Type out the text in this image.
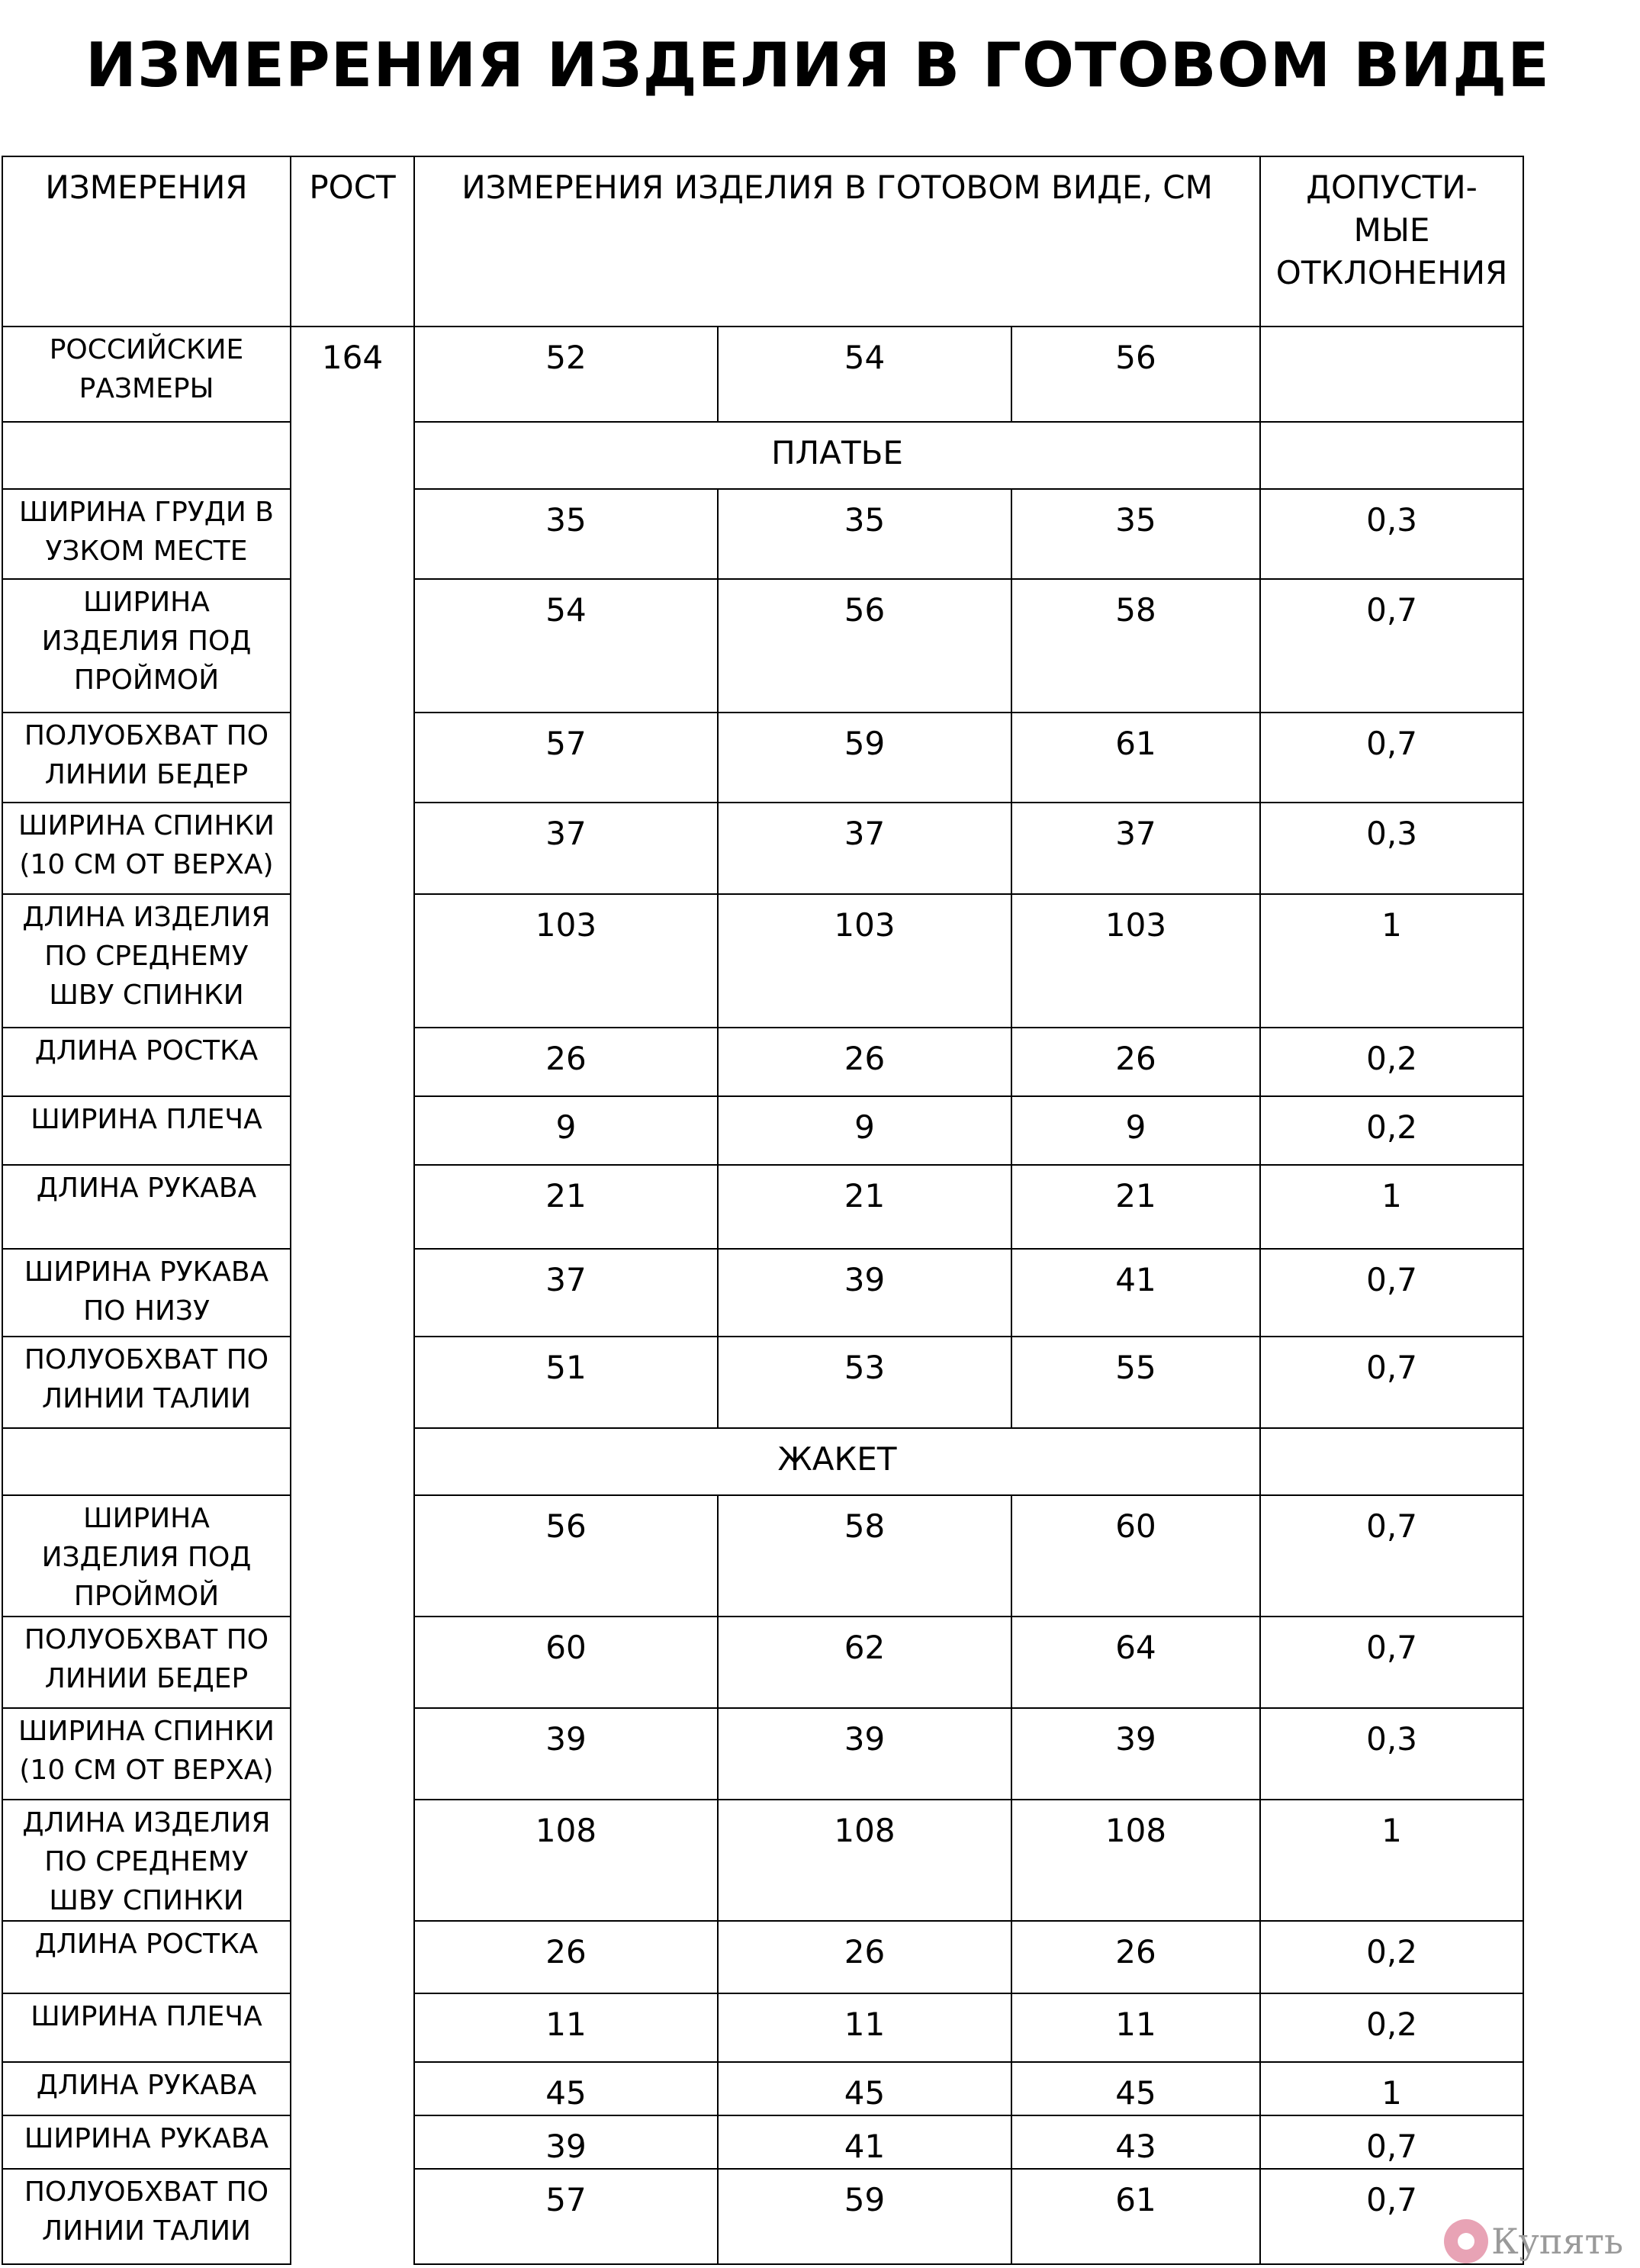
ИЗМЕРЕНИЯ ИЗДЕЛИЯ В ГОТОВОМ ВИДЕ
ИЗМЕРЕНИЯ	РОСТ	ИЗМЕРЕНИЯ ИЗДЕЛИЯ В ГОТОВОМ ВИДЕ, СМ			ДОПУСТИ-
МЫЕ
ОТКЛОНЕНИЯ
РОССИЙСКИЕ
РАЗМЕРЫ	164	52	54	56	
		ПЛАТЬЕ			
ШИРИНА ГРУДИ В
УЗКОМ МЕСТЕ		35	35	35	0,3
ШИРИНА
ИЗДЕЛИЯ ПОД
ПРОЙМОЙ		54	56	58	0,7
ПОЛУОБХВАТ ПО
ЛИНИИ БЕДЕР		57	59	61	0,7
ШИРИНА СПИНКИ
(10 СМ ОТ ВЕРХА)		37	37	37	0,3
ДЛИНА ИЗДЕЛИЯ
ПО СРЕДНЕМУ
ШВУ СПИНКИ		103	103	103	1
ДЛИНА РОСТКА		26	26	26	0,2
ШИРИНА ПЛЕЧА		9	9	9	0,2
ДЛИНА РУКАВА		21	21	21	1
ШИРИНА РУКАВА
ПО НИЗУ		37	39	41	0,7
ПОЛУОБХВАТ ПО
ЛИНИИ ТАЛИИ		51	53	55	0,7
		ЖАКЕТ			
ШИРИНА
ИЗДЕЛИЯ ПОД
ПРОЙМОЙ		56	58	60	0,7
ПОЛУОБХВАТ ПО
ЛИНИИ БЕДЕР		60	62	64	0,7
ШИРИНА СПИНКИ
(10 СМ ОТ ВЕРХА)		39	39	39	0,3
ДЛИНА ИЗДЕЛИЯ
ПО СРЕДНЕМУ
ШВУ СПИНКИ		108	108	108	1
ДЛИНА РОСТКА		26	26	26	0,2
ШИРИНА ПЛЕЧА		11	11	11	0,2
ДЛИНА РУКАВА		45	45	45	1
ШИРИНА РУКАВА		39	41	43	0,7
ПОЛУОБХВАТ ПО
ЛИНИИ ТАЛИИ		57	59	61	0,7
Купять
